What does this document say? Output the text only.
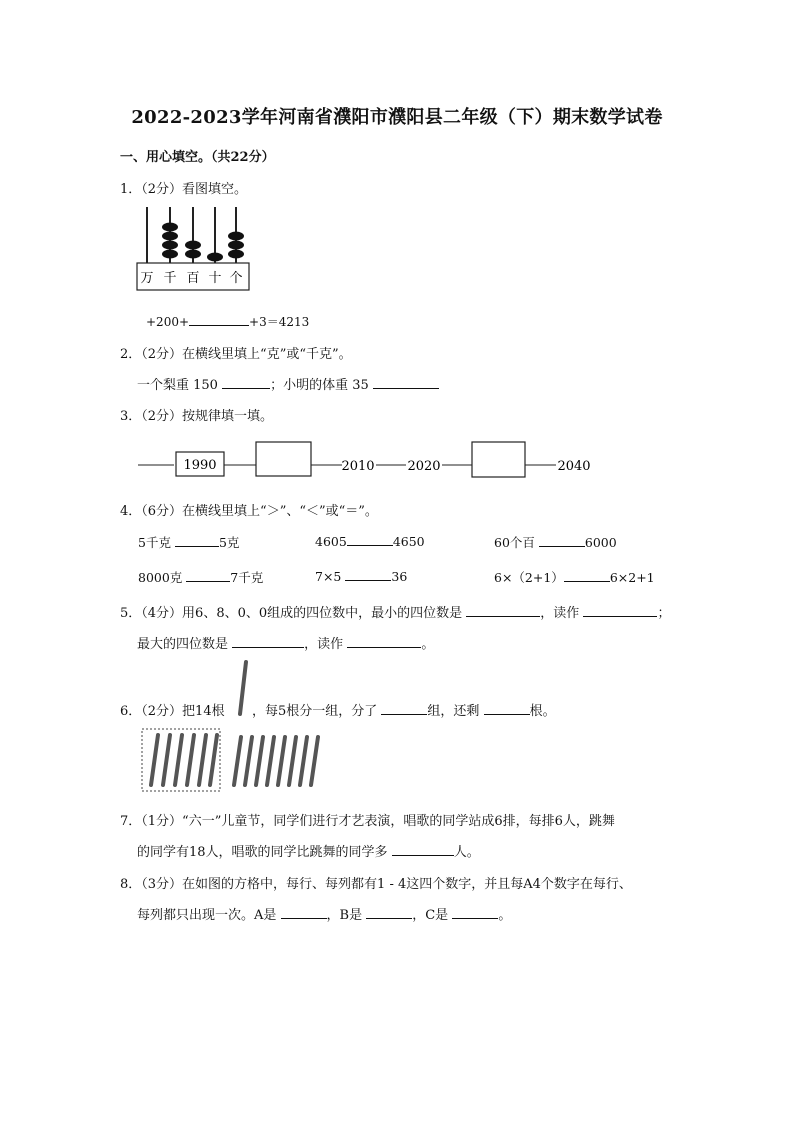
2022-2023学年河南省濮阳市濮阳县二年级（下）期末数学试卷
一、用心填空。（共22分）
1．（2分）看图填空。
万 千 百 十 个
+200+	+3＝4213
2．（2分）在横线里填上“克”或“千克”。
一个梨重 150	；小明的体重 35
3．（2分）按规律填一填。
1990	2010	2020	2040
4．（6分）在横线里填上“＞”、“＜”或“＝”。
5千克	5克	4605	4650	60个百	6000
8000克	7千克	7×5	36	6×（2+1）	6×2+1
5．（4分）用6、8、0、0组成的四位数中，最小的四位数是	，读作	；
最大的四位数是	，读作	。
6．（2分）把14根 ，每5根分一组，分了	组，还剩	根。
7．（1分）“六一”儿童节，同学们进行才艺表演，唱歌的同学站成6排，每排6人，跳舞
的同学有18人，唱歌的同学比跳舞的同学多	人。
8．（3分）在如图的方格中，每行、每列都有1 - 4这四个数字，并且每A4个数字在每行、
每列都只出现一次。A是	，B是	，C是	。
